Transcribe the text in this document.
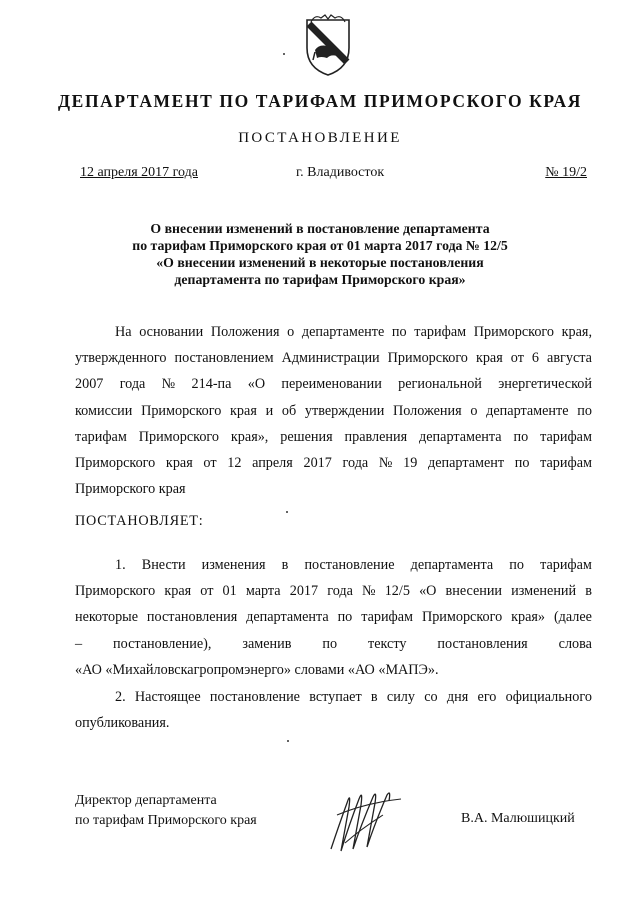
ДЕПАРТАМЕНТ ПО ТАРИФАМ ПРИМОРСКОГО КРАЯ
ПОСТАНОВЛЕНИЕ
12 апреля 2017 года	г. Владивосток	№ 19/2
О внесении изменений в постановление департамента
по тарифам Приморского края от 01 марта 2017 года № 12/5
«О внесении изменений в некоторые постановления
департамента по тарифам Приморского края»
На основании Положения о департаменте по тарифам Приморского края,
утвержденного постановлением Администрации Приморского края от 6 августа
2007 года № 214-па «О переименовании региональной энергетической
комиссии Приморского края и об утверждении Положения о департаменте по
тарифам Приморского края», решения правления департамента по тарифам
Приморского края от 12 апреля 2017 года № 19 департамент по тарифам
Приморского края
ПОСТАНОВЛЯЕТ:
1. Внести изменения в постановление департамента по тарифам
Приморского края от 01 марта 2017 года № 12/5 «О внесении изменений в
некоторые постановления департамента по тарифам Приморского края» (далее
– постановление), заменив по тексту постановления слова
«АО «Михайловскагропромэнерго» словами «АО «МАПЭ».
2. Настоящее постановление вступает в силу со дня его официального
опубликования.
Директор департамента
по тарифам Приморского края	В.А. Малюшицкий
